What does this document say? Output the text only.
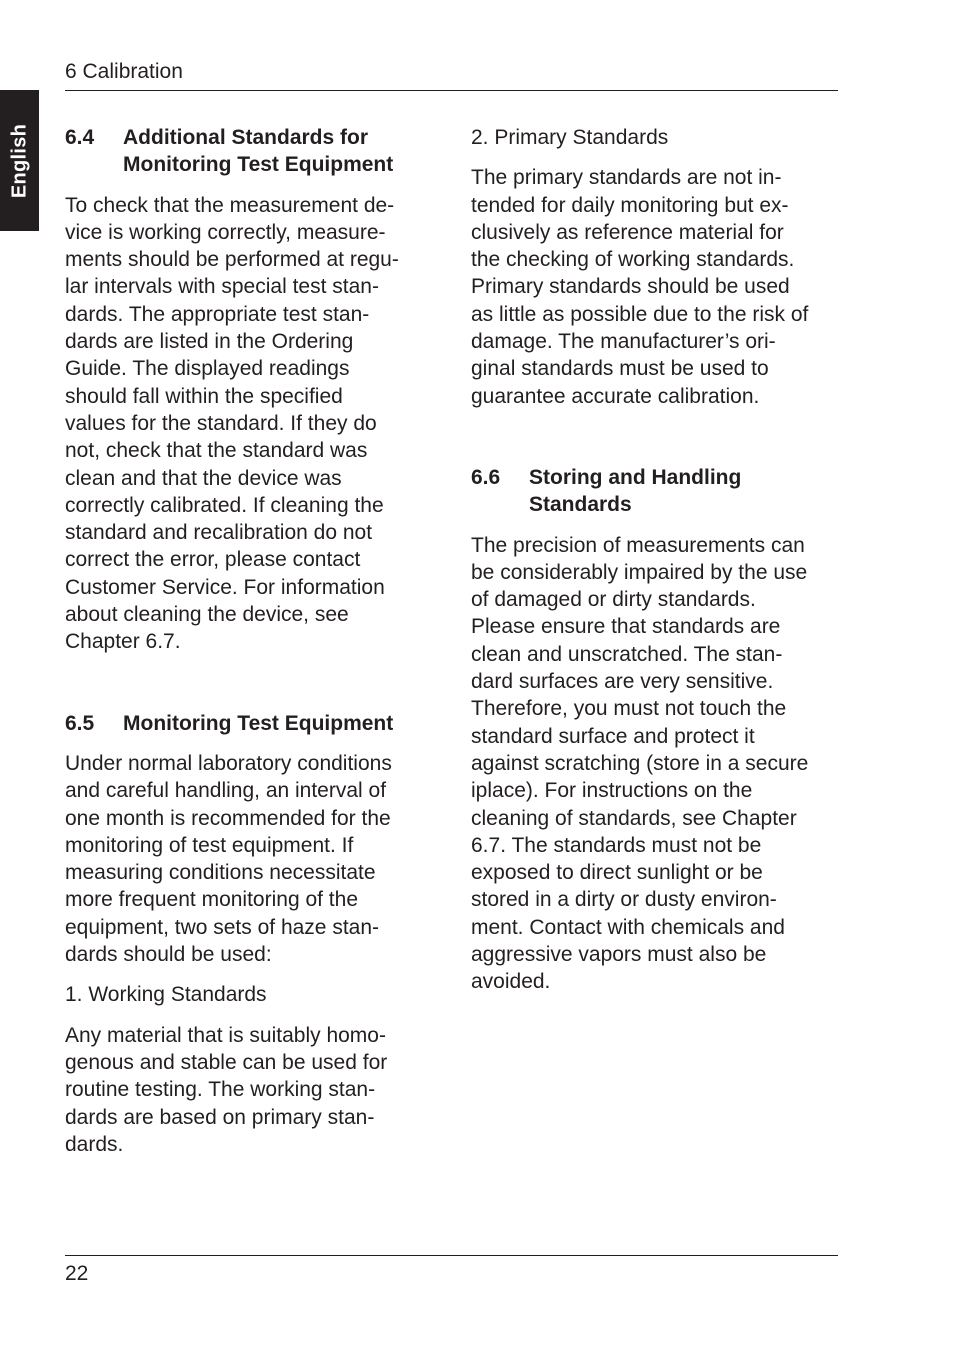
6 Calibration
English 6.4	Additional Standards for Monitoring Test Equipment

To check that the measurement de-
vice is working correctly, measure-
ments should be performed at regu-
lar intervals with special test stan-
dards. The appropriate test stan-
dards are listed in the Ordering
Guide. The displayed readings
should fall within the specified
values for the standard. If they do
not, check that the standard was
clean and that the device was
correctly calibrated. If cleaning the
standard and recalibration do not
correct the error, please contact
Customer Service. For information
about cleaning the device, see
Chapter 6.7.

6.5	Monitoring Test Equipment

Under normal laboratory conditions
and careful handling, an interval of
one month is recommended for the
monitoring of test equipment. If
measuring conditions necessitate
more frequent monitoring of the
equipment, two sets of haze stan-
dards should be used:

1. Working Standards

Any material that is suitably homo-
genous and stable can be used for
routine testing. The working stan-
dards are based on primary stan-
dards.

2. Primary Standards

The primary standards are not in-
tended for daily monitoring but ex-
clusively as reference material for
the checking of working standards.
Primary standards should be used
as little as possible due to the risk of
damage. The manufacturer’s ori-
ginal standards must be used to
guarantee accurate calibration.

6.6	Storing and Handling Standards

The precision of measurements can
be considerably impaired by the use
of damaged or dirty standards.
Please ensure that standards are
clean and unscratched. The stan-
dard surfaces are very sensitive.
Therefore, you must not touch the
standard surface and protect it
against scratching (store in a secure
iplace). For instructions on the
cleaning of standards, see Chapter
6.7. The standards must not be
exposed to direct sunlight or be
stored in a dirty or dusty environ-
ment. Contact with chemicals and
aggressive vapors must also be
avoided.

22
